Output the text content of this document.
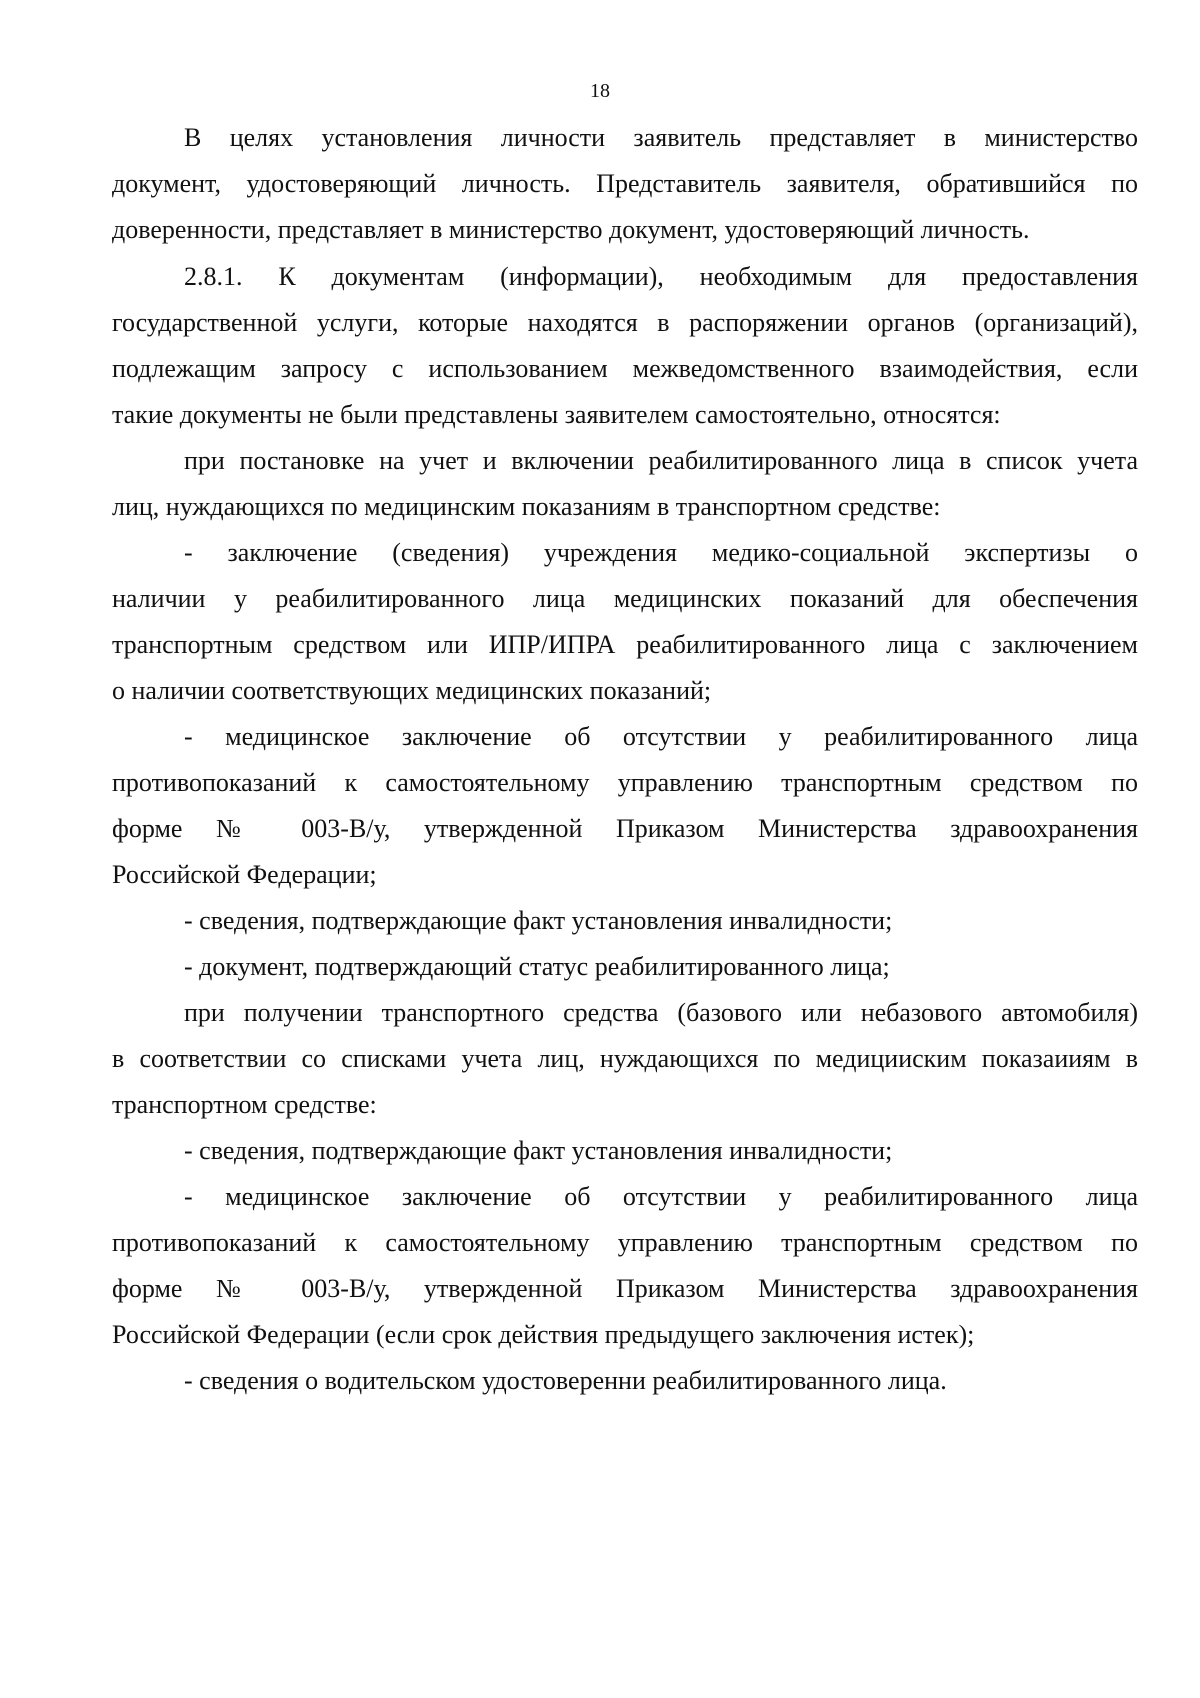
18
В целях установления личности заявитель представляет в министерство
документ, удостоверяющий личность. Представитель заявителя, обратившийся по
доверенности, представляет в министерство документ, удостоверяющий личность.
2.8.1. К документам (информации), необходимым для предоставления
государственной услуги, которые находятся в распоряжении органов (организаций),
подлежащим запросу с использованием межведомственного взаимодействия, если
такие документы не были представлены заявителем самостоятельно, относятся:
при постановке на учет и включении реабилитированного лица в список учета
лиц, нуждающихся по медицинским показаниям в транспортном средстве:
- заключение (сведения) учреждения медико-социальной экспертизы о
наличии у реабилитированного лица медицинских показаний для обеспечения
транспортным средством или ИПР/ИПРА реабилитированного лица с заключением
о наличии соответствующих медицинских показаний;
- медицинское заключение об отсутствии у реабилитированного лица
противопоказаний к самостоятельному управлению транспортным средством по
форме № 003-В/у, утвержденной Приказом Министерства здравоохранения
Российской Федерации;
- сведения, подтверждающие факт установления инвалидности;
- документ, подтверждающий статус реабилитированного лица;
при получении транспортного средства (базового или небазового автомобиля)
в соответствии со списками учета лиц, нуждающихся по медицииским показаииям в
транспортном средстве:
- сведения, подтверждающие факт установления инвалидности;
- медицинское заключение об отсутствии у реабилитированного лица
противопоказаний к самостоятельному управлению транспортным средством по
форме № 003-В/у, утвержденной Приказом Министерства здравоохранения
Российской Федерации (если срок действия предыдущего заключения истек);
- сведения о водительском удостоверенни реабилитированного лица.
